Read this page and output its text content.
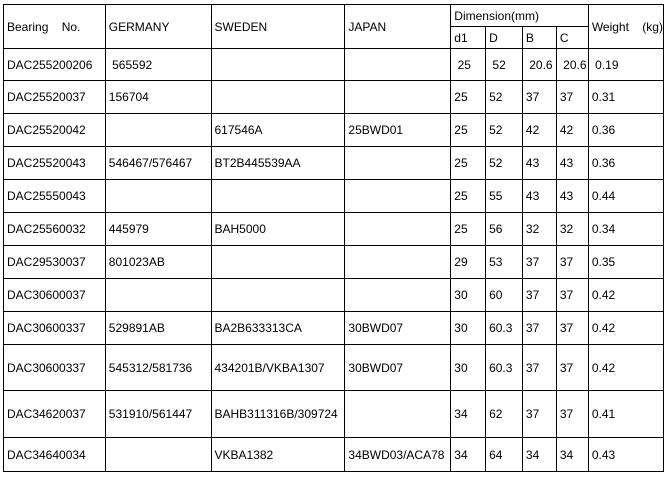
Bearing    No.	GERMANY	SWEDEN	JAPAN	Dimension(mm)				Weight    (kg)
				d1	D	B	C	
DAC255200206	565592			25	52	20.6	20.6	0.19
DAC25520037	156704			25	52	37	37	0.31
DAC25520042		617546A	25BWD01	25	52	42	42	0.36
DAC25520043	546467/576467	BT2B445539AA		25	52	43	43	0.36
DAC25550043				25	55	43	43	0.44
DAC25560032	445979	BAH5000		25	56	32	32	0.34
DAC29530037	801023AB			29	53	37	37	0.35
DAC30600037				30	60	37	37	0.42
DAC30600337	529891AB	BA2B633313CA	30BWD07	30	60.3	37	37	0.42
DAC30600337	545312/581736	434201B/VKBA1307	30BWD07	30	60.3	37	37	0.42
DAC34620037	531910/561447	BAHB311316B/309724		34	62	37	37	0.41
DAC34640034		VKBA1382	34BWD03/ACA78	34	64	34	34	0.43
